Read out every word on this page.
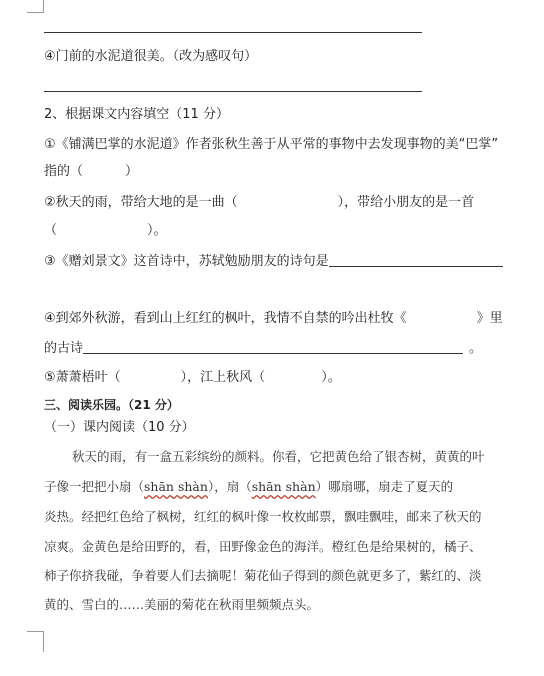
④门前的水泥道很美。（改为感叹句）
2、根据课文内容填空（11 分）
①《铺满巴掌的水泥道》作者张秋生善于从平常的事物中去发现事物的美“巴掌”
指的（	）
②秋天的雨，带给大地的是一曲（	），带给小朋友的是一首
（	）。
③《赠刘景文》这首诗中，苏轼勉励朋友的诗句是
④到郊外秋游，看到山上红红的枫叶，我情不自禁的吟出杜牧《	》里
的古诗	。
⑤萧萧梧叶（	），江上秋风（	）。
三、阅读乐园。（21 分）
（一）课内阅读（10 分）
秋天的雨，有一盒五彩缤纷的颜料。你看，它把黄色给了银杏树，黄黄的叶
子像一把把小扇（shān shàn），扇（shān shàn）哪扇哪，扇走了夏天的
炎热。经把红色给了枫树，红红的枫叶像一枚枚邮票，飘哇飘哇，邮来了秋天的
凉爽。金黄色是给田野的，看，田野像金色的海洋。橙红色是给果树的，橘子、
柿子你挤我碰，争着要人们去摘呢！菊花仙子得到的颜色就更多了，紫红的、淡
黄的、雪白的……美丽的菊花在秋雨里频频点头。
